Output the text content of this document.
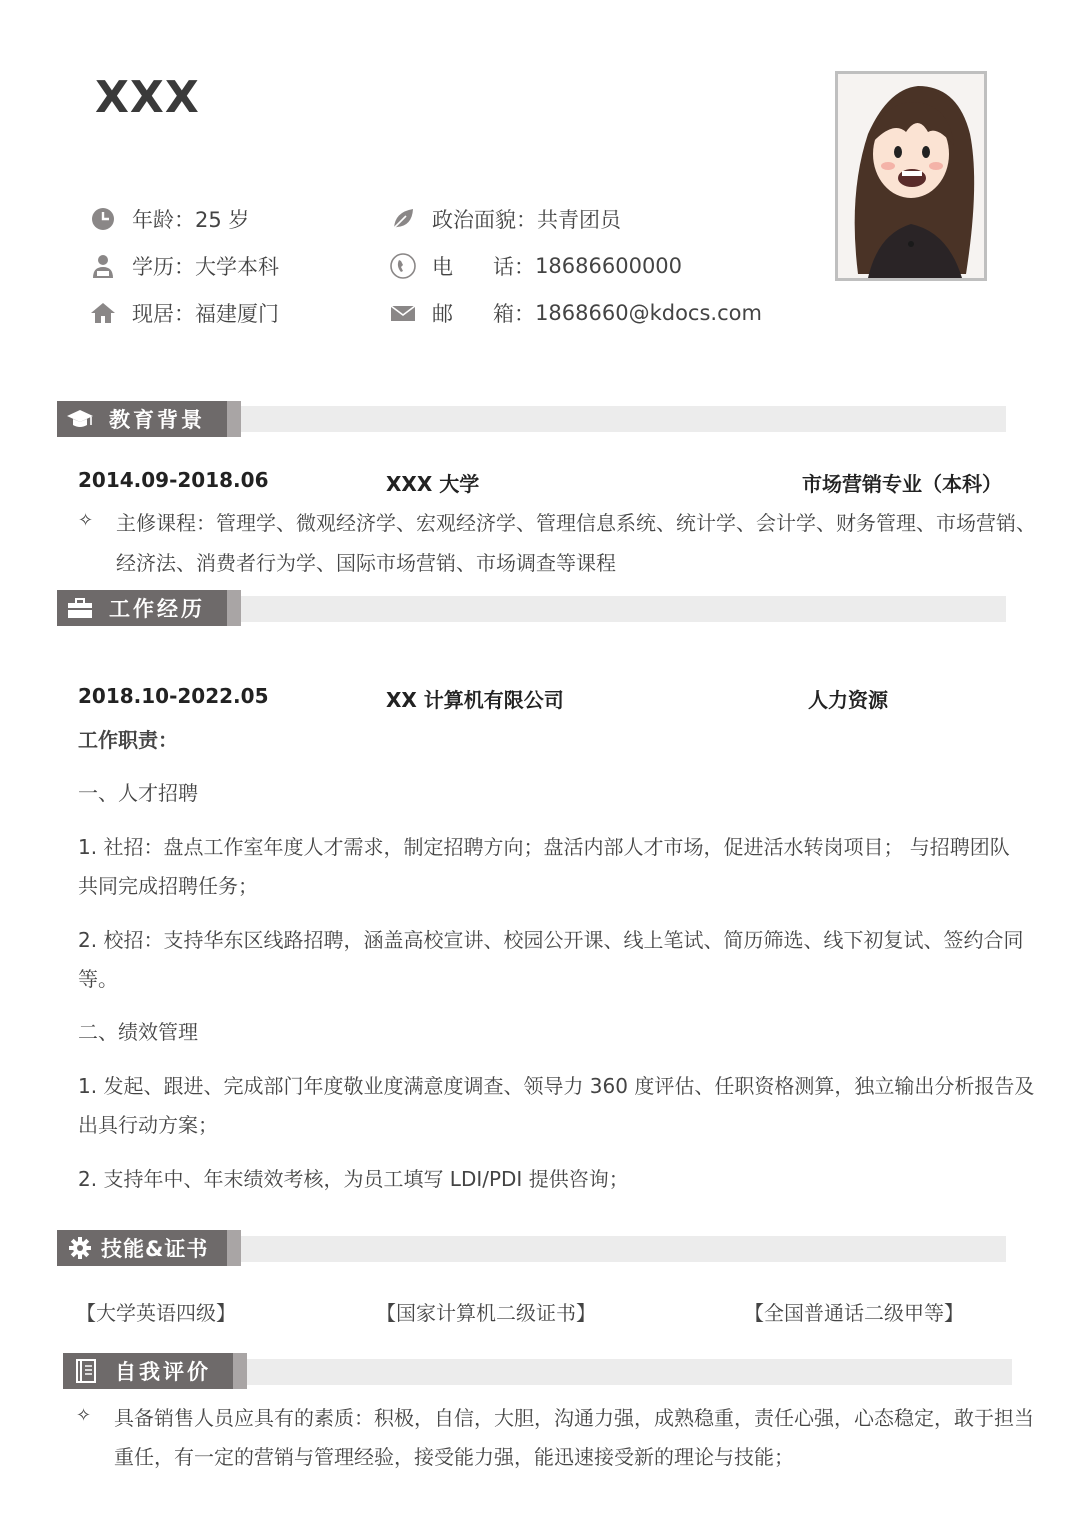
XXX
年龄： 25 岁	政治面貌： 共青团员
学历： 大学本科	电      话： 18686600000
现居： 福建厦门	邮      箱： 1868660@kdocs.com
教育背景
2014.09-2018.06	XXX 大学	市场营销专业（本科）
✧ 主修课程：管理学、微观经济学、宏观经济学、管理信息系统、统计学、会计学、财务管理、市场营销、
经济法、消费者行为学、国际市场营销、市场调查等课程
工作经历
2018.10-2022.05	XX 计算机有限公司	人力资源
工作职责：
一、人才招聘
1. 社招：盘点工作室年度人才需求，制定招聘方向；盘活内部人才市场，促进活水转岗项目； 与招聘团队
共同完成招聘任务；
2. 校招：支持华东区线路招聘，涵盖高校宣讲、校园公开课、线上笔试、简历筛选、线下初复试、签约合同
等。
二、绩效管理
1. 发起、跟进、完成部门年度敬业度满意度调查、领导力 360 度评估、任职资格测算，独立输出分析报告及
出具行动方案；
2. 支持年中、年末绩效考核，为员工填写 LDI/PDI 提供咨询；
技能&证书
【大学英语四级】	【国家计算机二级证书】	【全国普通话二级甲等】
自我评价
✧ 具备销售人员应具有的素质：积极，自信，大胆，沟通力强，成熟稳重，责任心强，心态稳定，敢于担当
重任，有一定的营销与管理经验，接受能力强，能迅速接受新的理论与技能；
